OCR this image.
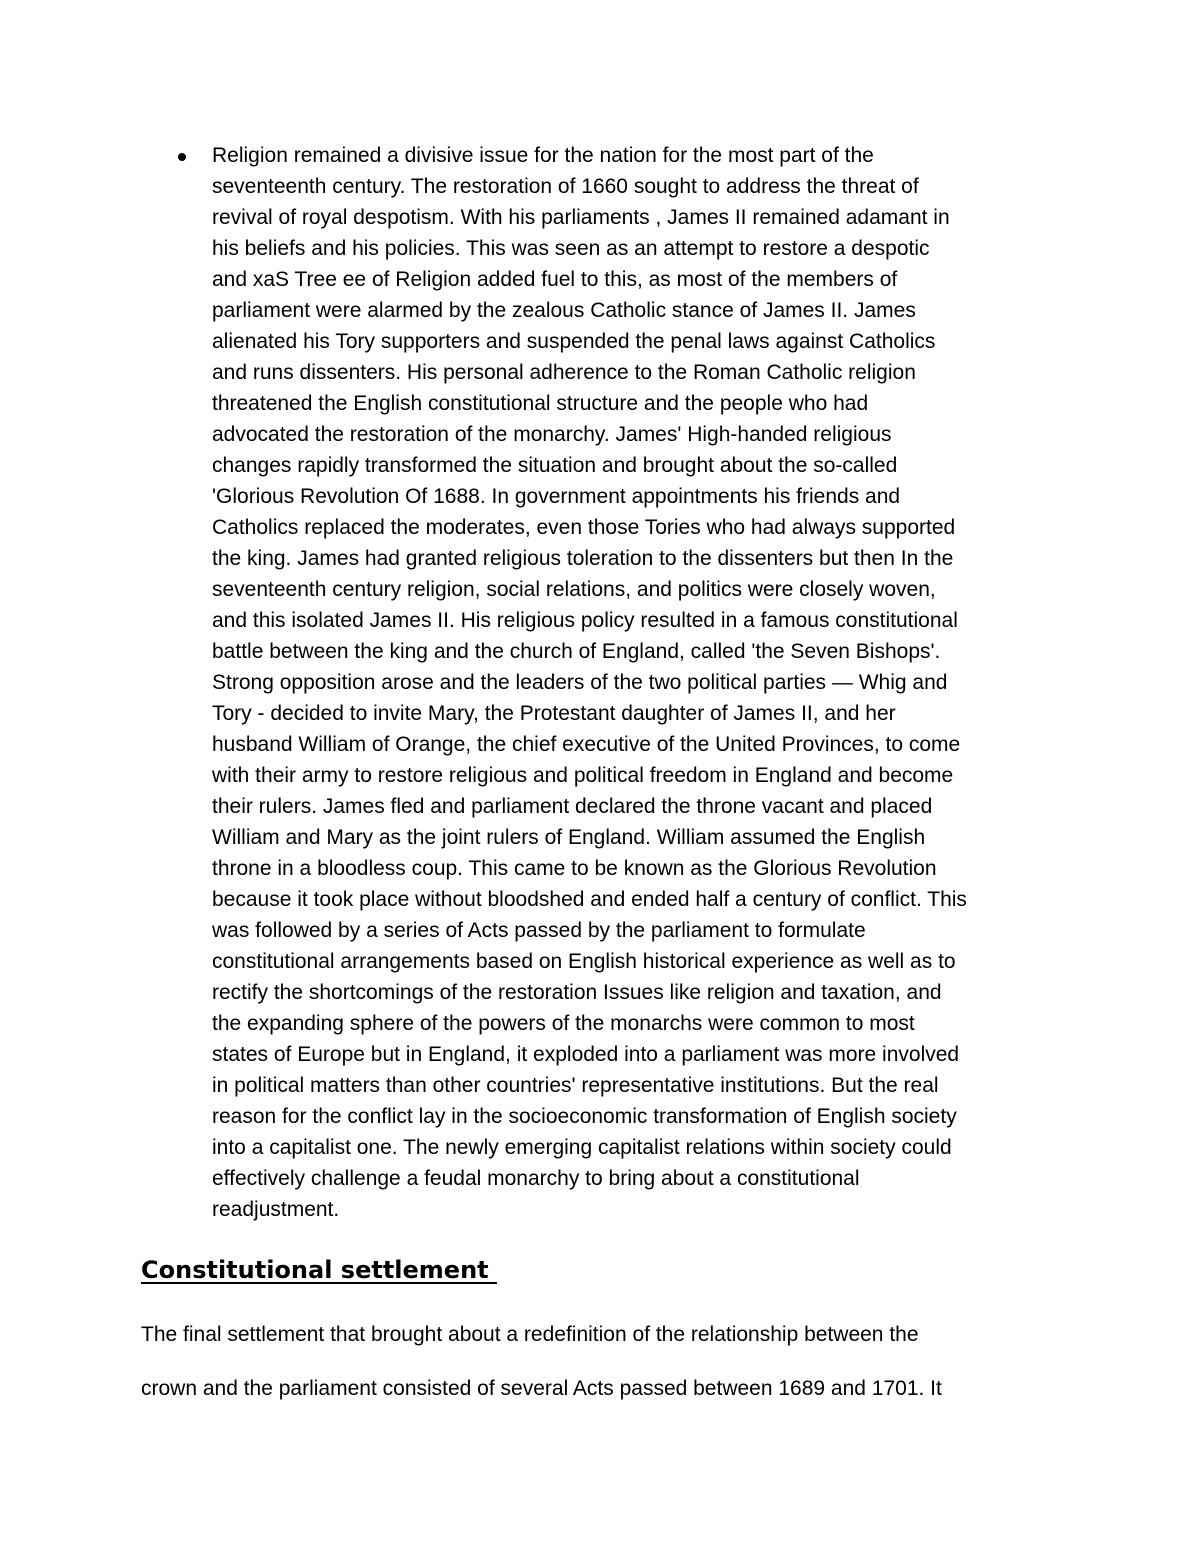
Religion remained a divisive issue for the nation for the most part of the
seventeenth century. The restoration of 1660 sought to address the threat of
revival of royal despotism. With his parliaments , James II remained adamant in
his beliefs and his policies. This was seen as an attempt to restore a despotic
and xaS Tree ee of Religion added fuel to this, as most of the members of
parliament were alarmed by the zealous Catholic stance of James II. James
alienated his Tory supporters and suspended the penal laws against Catholics
and runs dissenters. His personal adherence to the Roman Catholic religion
threatened the English constitutional structure and the people who had
advocated the restoration of the monarchy. James' High-handed religious
changes rapidly transformed the situation and brought about the so-called
'Glorious Revolution Of 1688. In government appointments his friends and
Catholics replaced the moderates, even those Tories who had always supported
the king. James had granted religious toleration to the dissenters but then In the
seventeenth century religion, social relations, and politics were closely woven,
and this isolated James II. His religious policy resulted in a famous constitutional
battle between the king and the church of England, called 'the Seven Bishops'.
Strong opposition arose and the leaders of the two political parties — Whig and
Tory - decided to invite Mary, the Protestant daughter of James II, and her
husband William of Orange, the chief executive of the United Provinces, to come
with their army to restore religious and political freedom in England and become
their rulers. James fled and parliament declared the throne vacant and placed
William and Mary as the joint rulers of England. William assumed the English
throne in a bloodless coup. This came to be known as the Glorious Revolution
because it took place without bloodshed and ended half a century of conflict. This
was followed by a series of Acts passed by the parliament to formulate
constitutional arrangements based on English historical experience as well as to
rectify the shortcomings of the restoration Issues like religion and taxation, and
the expanding sphere of the powers of the monarchs were common to most
states of Europe but in England, it exploded into a parliament was more involved
in political matters than other countries' representative institutions. But the real
reason for the conflict lay in the socioeconomic transformation of English society
into a capitalist one. The newly emerging capitalist relations within society could
effectively challenge a feudal monarchy to bring about a constitutional
readjustment.
Constitutional settlement
The final settlement that brought about a redefinition of the relationship between the
crown and the parliament consisted of several Acts passed between 1689 and 1701. It
